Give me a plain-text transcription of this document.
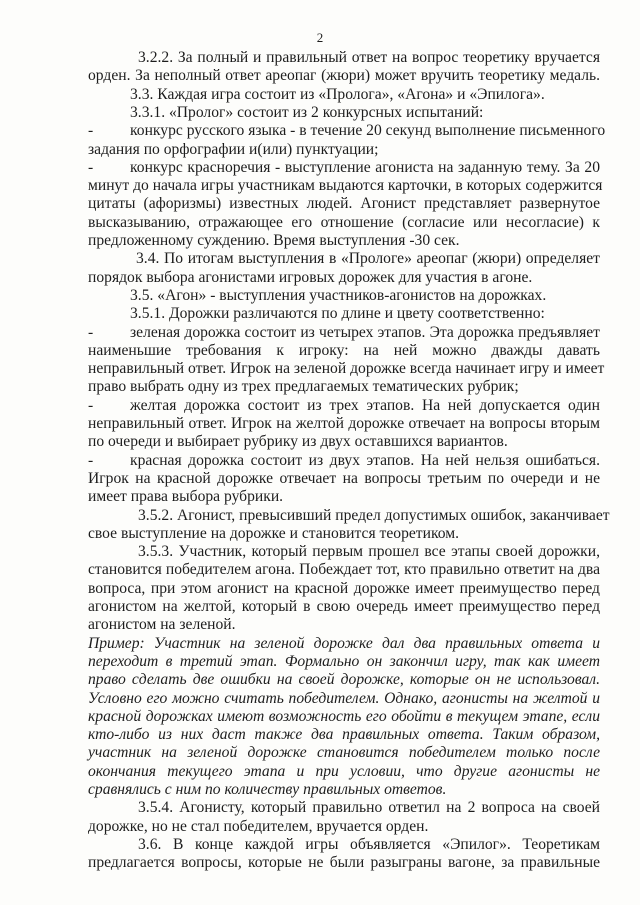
2
3.2.2. За полный и правильный ответ на вопрос теоретику вручается
орден. За неполный ответ ареопаг (жюри) может вручить теоретику медаль.
3.3. Каждая игра состоит из «Пролога», «Агона» и «Эпилога».
3.3.1. «Пролог» состоит из 2 конкурсных испытаний:
- конкурс русского языка - в течение 20 секунд выполнение письменного
задания по орфографии и(или) пунктуации;
- конкурс красноречия - выступление агониста на заданную тему. За 20
минут до начала игры участникам выдаются карточки, в которых содержится
цитаты (афоризмы) известных людей. Агонист представляет развернутое
высказыванию, отражающее его отношение (согласие или несогласие) к
предложенному суждению. Время выступления -30 сек.
3.4. По итогам выступления в «Прологе» ареопаг (жюри) определяет
порядок выбора агонистами игровых дорожек для участия в агоне.
3.5. «Агон» - выступления участников-агонистов на дорожках.
3.5.1. Дорожки различаются по длине и цвету соответственно:
- зеленая дорожка состоит из четырех этапов. Эта дорожка предъявляет
наименьшие требования к игроку: на ней можно дважды давать
неправильный ответ. Игрок на зеленой дорожке всегда начинает игру и имеет
право выбрать одну из трех предлагаемых тематических рубрик;
- желтая дорожка состоит из трех этапов. На ней допускается один
неправильный ответ. Игрок на желтой дорожке отвечает на вопросы вторым
по очереди и выбирает рубрику из двух оставшихся вариантов.
- красная дорожка состоит из двух этапов. На ней нельзя ошибаться.
Игрок на красной дорожке отвечает на вопросы третьим по очереди и не
имеет права выбора рубрики.
3.5.2. Агонист, превысивший предел допустимых ошибок, заканчивает
свое выступление на дорожке и становится теоретиком.
3.5.3. Участник, который первым прошел все этапы своей дорожки,
становится победителем агона. Побеждает тот, кто правильно ответит на два
вопроса, при этом агонист на красной дорожке имеет преимущество перед
агонистом на желтой, который в свою очередь имеет преимущество перед
агонистом на зеленой.
Пример: Участник на зеленой дорожке дал два правильных ответа и
переходит в третий этап. Формально он закончил игру, так как имеет
право сделать две ошибки на своей дорожке, которые он не использовал.
Условно его можно считать победителем. Однако, агонисты на желтой и
красной дорожках имеют возможность его обойти в текущем этапе, если
кто-либо из них даст также два правильных ответа. Таким образом,
участник на зеленой дорожке становится победителем только после
окончания текущего этапа и при условии, что другие агонисты не
сравнялись с ним по количеству правильных ответов.
3.5.4. Агонисту, который правильно ответил на 2 вопроса на своей
дорожке, но не стал победителем, вручается орден.
3.6. В конце каждой игры объявляется «Эпилог». Теоретикам
предлагается вопросы, которые не были разыграны вагоне, за правильные
